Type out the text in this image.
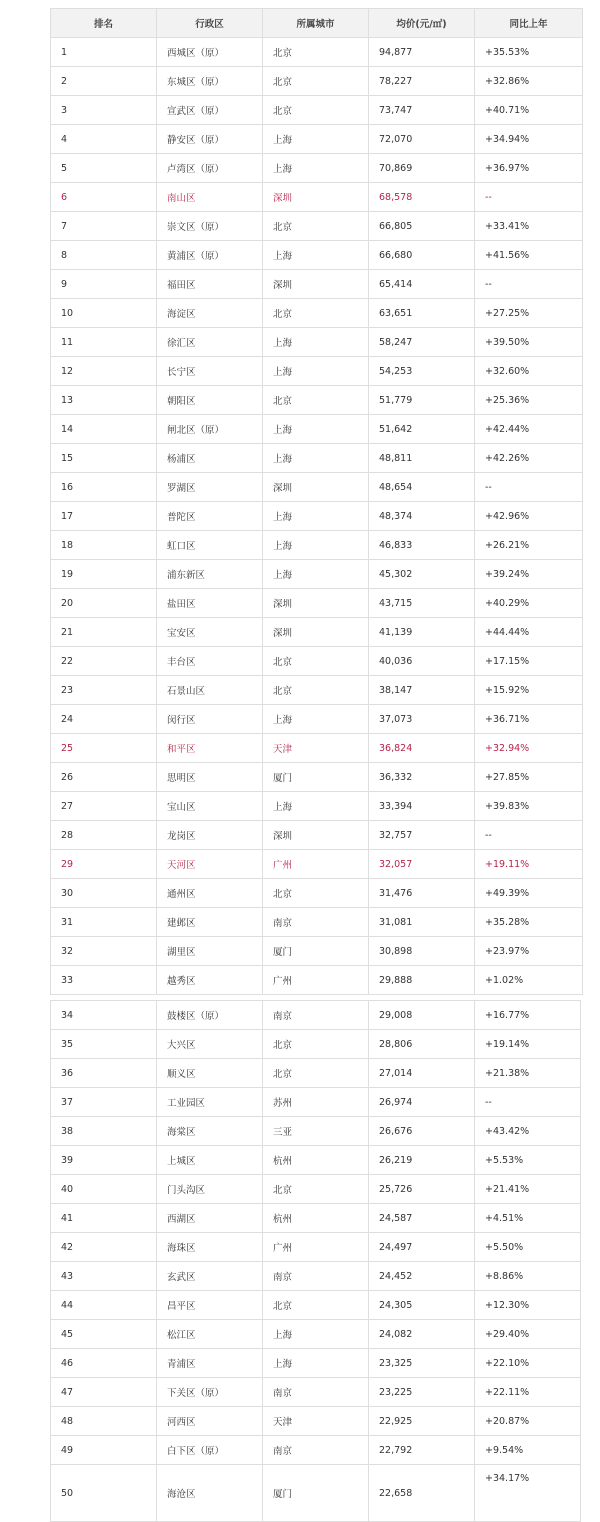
排名	行政区	所属城市	均价(元/㎡)	同比上年
1	西城区（原）	北京	94,877	+35.53%
2	东城区（原）	北京	78,227	+32.86%
3	宣武区（原）	北京	73,747	+40.71%
4	静安区（原）	上海	72,070	+34.94%
5	卢湾区（原）	上海	70,869	+36.97%
6	南山区	深圳	68,578	--
7	崇文区（原）	北京	66,805	+33.41%
8	黄浦区（原）	上海	66,680	+41.56%
9	福田区	深圳	65,414	--
10	海淀区	北京	63,651	+27.25%
11	徐汇区	上海	58,247	+39.50%
12	长宁区	上海	54,253	+32.60%
13	朝阳区	北京	51,779	+25.36%
14	闸北区（原）	上海	51,642	+42.44%
15	杨浦区	上海	48,811	+42.26%
16	罗湖区	深圳	48,654	--
17	普陀区	上海	48,374	+42.96%
18	虹口区	上海	46,833	+26.21%
19	浦东新区	上海	45,302	+39.24%
20	盐田区	深圳	43,715	+40.29%
21	宝安区	深圳	41,139	+44.44%
22	丰台区	北京	40,036	+17.15%
23	石景山区	北京	38,147	+15.92%
24	闵行区	上海	37,073	+36.71%
25	和平区	天津	36,824	+32.94%
26	思明区	厦门	36,332	+27.85%
27	宝山区	上海	33,394	+39.83%
28	龙岗区	深圳	32,757	--
29	天河区	广州	32,057	+19.11%
30	通州区	北京	31,476	+49.39%
31	建邺区	南京	31,081	+35.28%
32	湖里区	厦门	30,898	+23.97%
33	越秀区	广州	29,888	+1.02%
34	鼓楼区（原）	南京	29,008	+16.77%
35	大兴区	北京	28,806	+19.14%
36	顺义区	北京	27,014	+21.38%
37	工业园区	苏州	26,974	--
38	海棠区	三亚	26,676	+43.42%
39	上城区	杭州	26,219	+5.53%
40	门头沟区	北京	25,726	+21.41%
41	西湖区	杭州	24,587	+4.51%
42	海珠区	广州	24,497	+5.50%
43	玄武区	南京	24,452	+8.86%
44	昌平区	北京	24,305	+12.30%
45	松江区	上海	24,082	+29.40%
46	青浦区	上海	23,325	+22.10%
47	下关区（原）	南京	23,225	+22.11%
48	河西区	天津	22,925	+20.87%
49	白下区（原）	南京	22,792	+9.54%
50	海沧区	厦门	22,658	+34.17%
